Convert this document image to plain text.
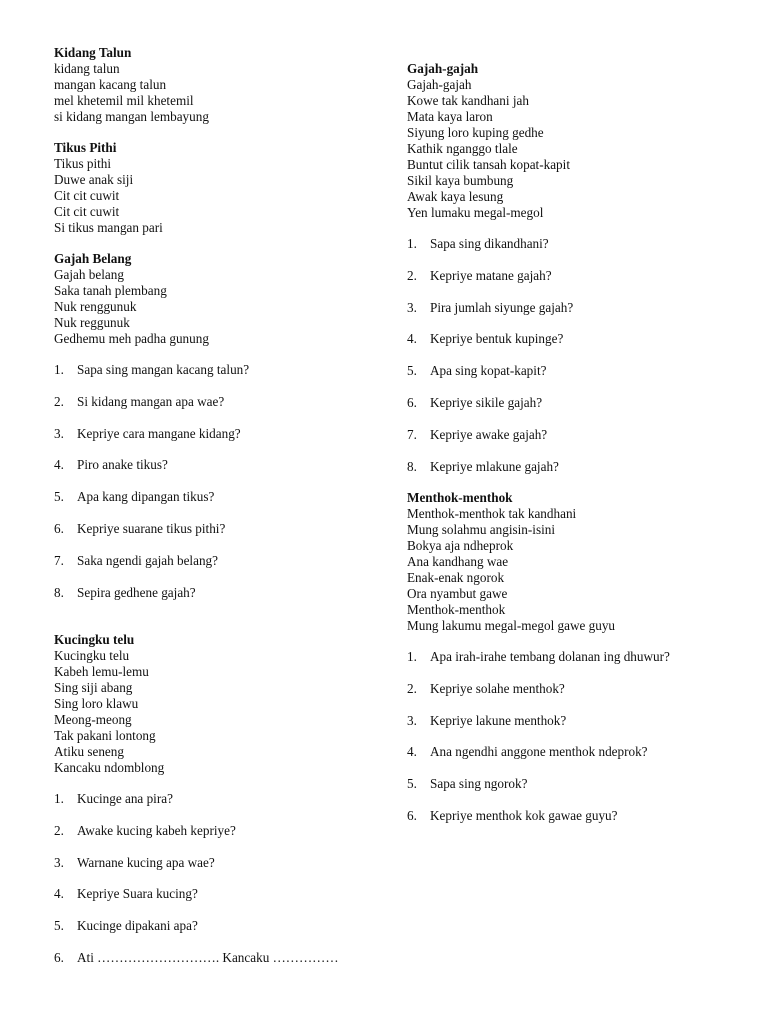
Kidang Talun
kidang talun
mangan kacang talun
mel khetemil mil khetemil
si kidang mangan lembayung
Tikus Pithi
Tikus pithi
Duwe anak siji
Cit cit cuwit
Cit cit cuwit
Si tikus mangan pari
Gajah Belang
Gajah belang
Saka tanah plembang
Nuk renggunuk
Nuk reggunuk
Gedhemu meh padha gunung
1. Sapa sing mangan kacang talun?
2. Si kidang mangan apa wae?
3. Kepriye cara mangane kidang?
4. Piro anake tikus?
5. Apa kang dipangan tikus?
6. Kepriye suarane tikus pithi?
7. Saka ngendi gajah belang?
8. Sepira gedhene gajah?
Kucingku telu
Kucingku telu
Kabeh lemu-lemu
Sing siji abang
Sing loro klawu
Meong-meong
Tak pakani lontong
Atiku seneng
Kancaku ndomblong
1. Kucinge ana pira?
2. Awake kucing kabeh kepriye?
3. Warnane kucing apa wae?
4. Kepriye Suara kucing?
5. Kucinge dipakani apa?
6. Ati ………………………. Kancaku ……………
Gajah-gajah
Gajah-gajah
Kowe tak kandhani jah
Mata kaya laron
Siyung loro kuping gedhe
Kathik nganggo tlale
Buntut cilik tansah kopat-kapit
Sikil kaya bumbung
Awak kaya lesung
Yen lumaku megal-megol
1. Sapa sing dikandhani?
2. Kepriye matane gajah?
3. Pira jumlah siyunge gajah?
4. Kepriye bentuk kupinge?
5. Apa sing kopat-kapit?
6. Kepriye sikile gajah?
7. Kepriye awake gajah?
8. Kepriye mlakune gajah?
Menthok-menthok
Menthok-menthok tak kandhani
Mung solahmu angisin-isini
Bokya aja ndheprok
Ana kandhang wae
Enak-enak ngorok
Ora nyambut gawe
Menthok-menthok
Mung lakumu megal-megol gawe guyu
1. Apa irah-irahe tembang dolanan ing dhuwur?
2. Kepriye solahe menthok?
3. Kepriye lakune menthok?
4. Ana ngendhi anggone menthok ndeprok?
5. Sapa sing ngorok?
6. Kepriye menthok kok gawae guyu?
